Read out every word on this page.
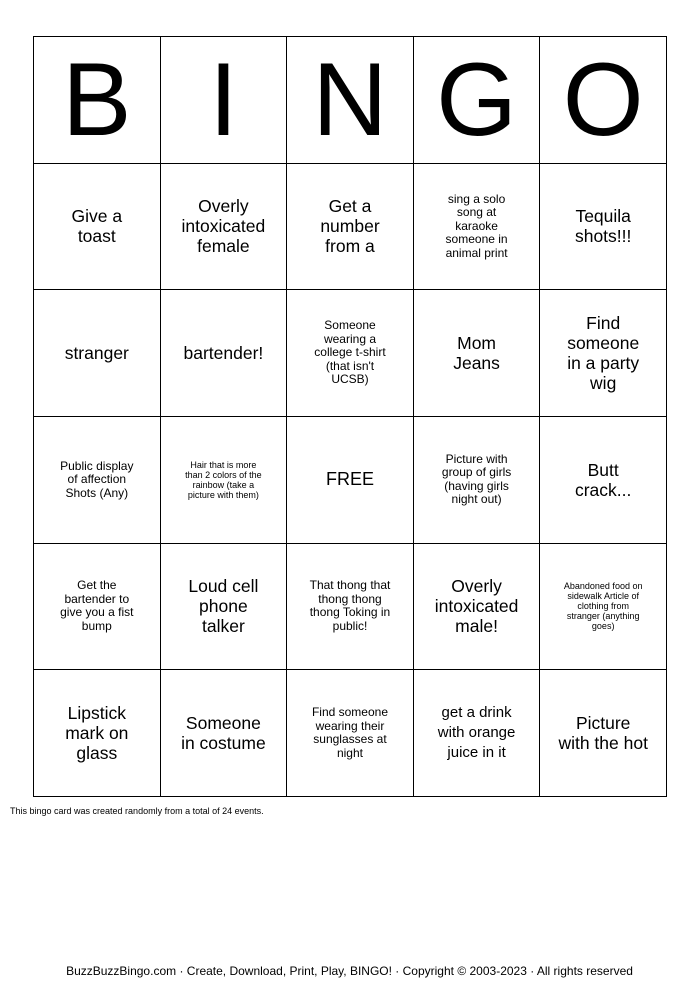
B	I	N	G	O

Give a toast	Overly intoxicated female	Get a number from a	sing a solo song at karaoke someone in animal print	Tequila shots!!!

stranger	bartender!	Someone wearing a college t-shirt (that isn't UCSB)	Mom Jeans	Find someone in a party wig

Public display of affection Shots (Any)	Hair that is more than 2 colors of the rainbow (take a picture with them)	FREE	Picture with group of girls (having girls night out)	Butt crack...

Get the bartender to give you a fist bump	Loud cell phone talker	That thong that thong thong thong Toking in public!	Overly intoxicated male!	Abandoned food on sidewalk Article of clothing from stranger (anything goes)

Lipstick mark on glass	Someone in costume	Find someone wearing their sunglasses at night	get a drink with orange juice in it	Picture with the hot
This bingo card was created randomly from a total of 24 events.
BuzzBuzzBingo.com · Create, Download, Print, Play, BINGO! · Copyright © 2003-2023 · All rights reserved
